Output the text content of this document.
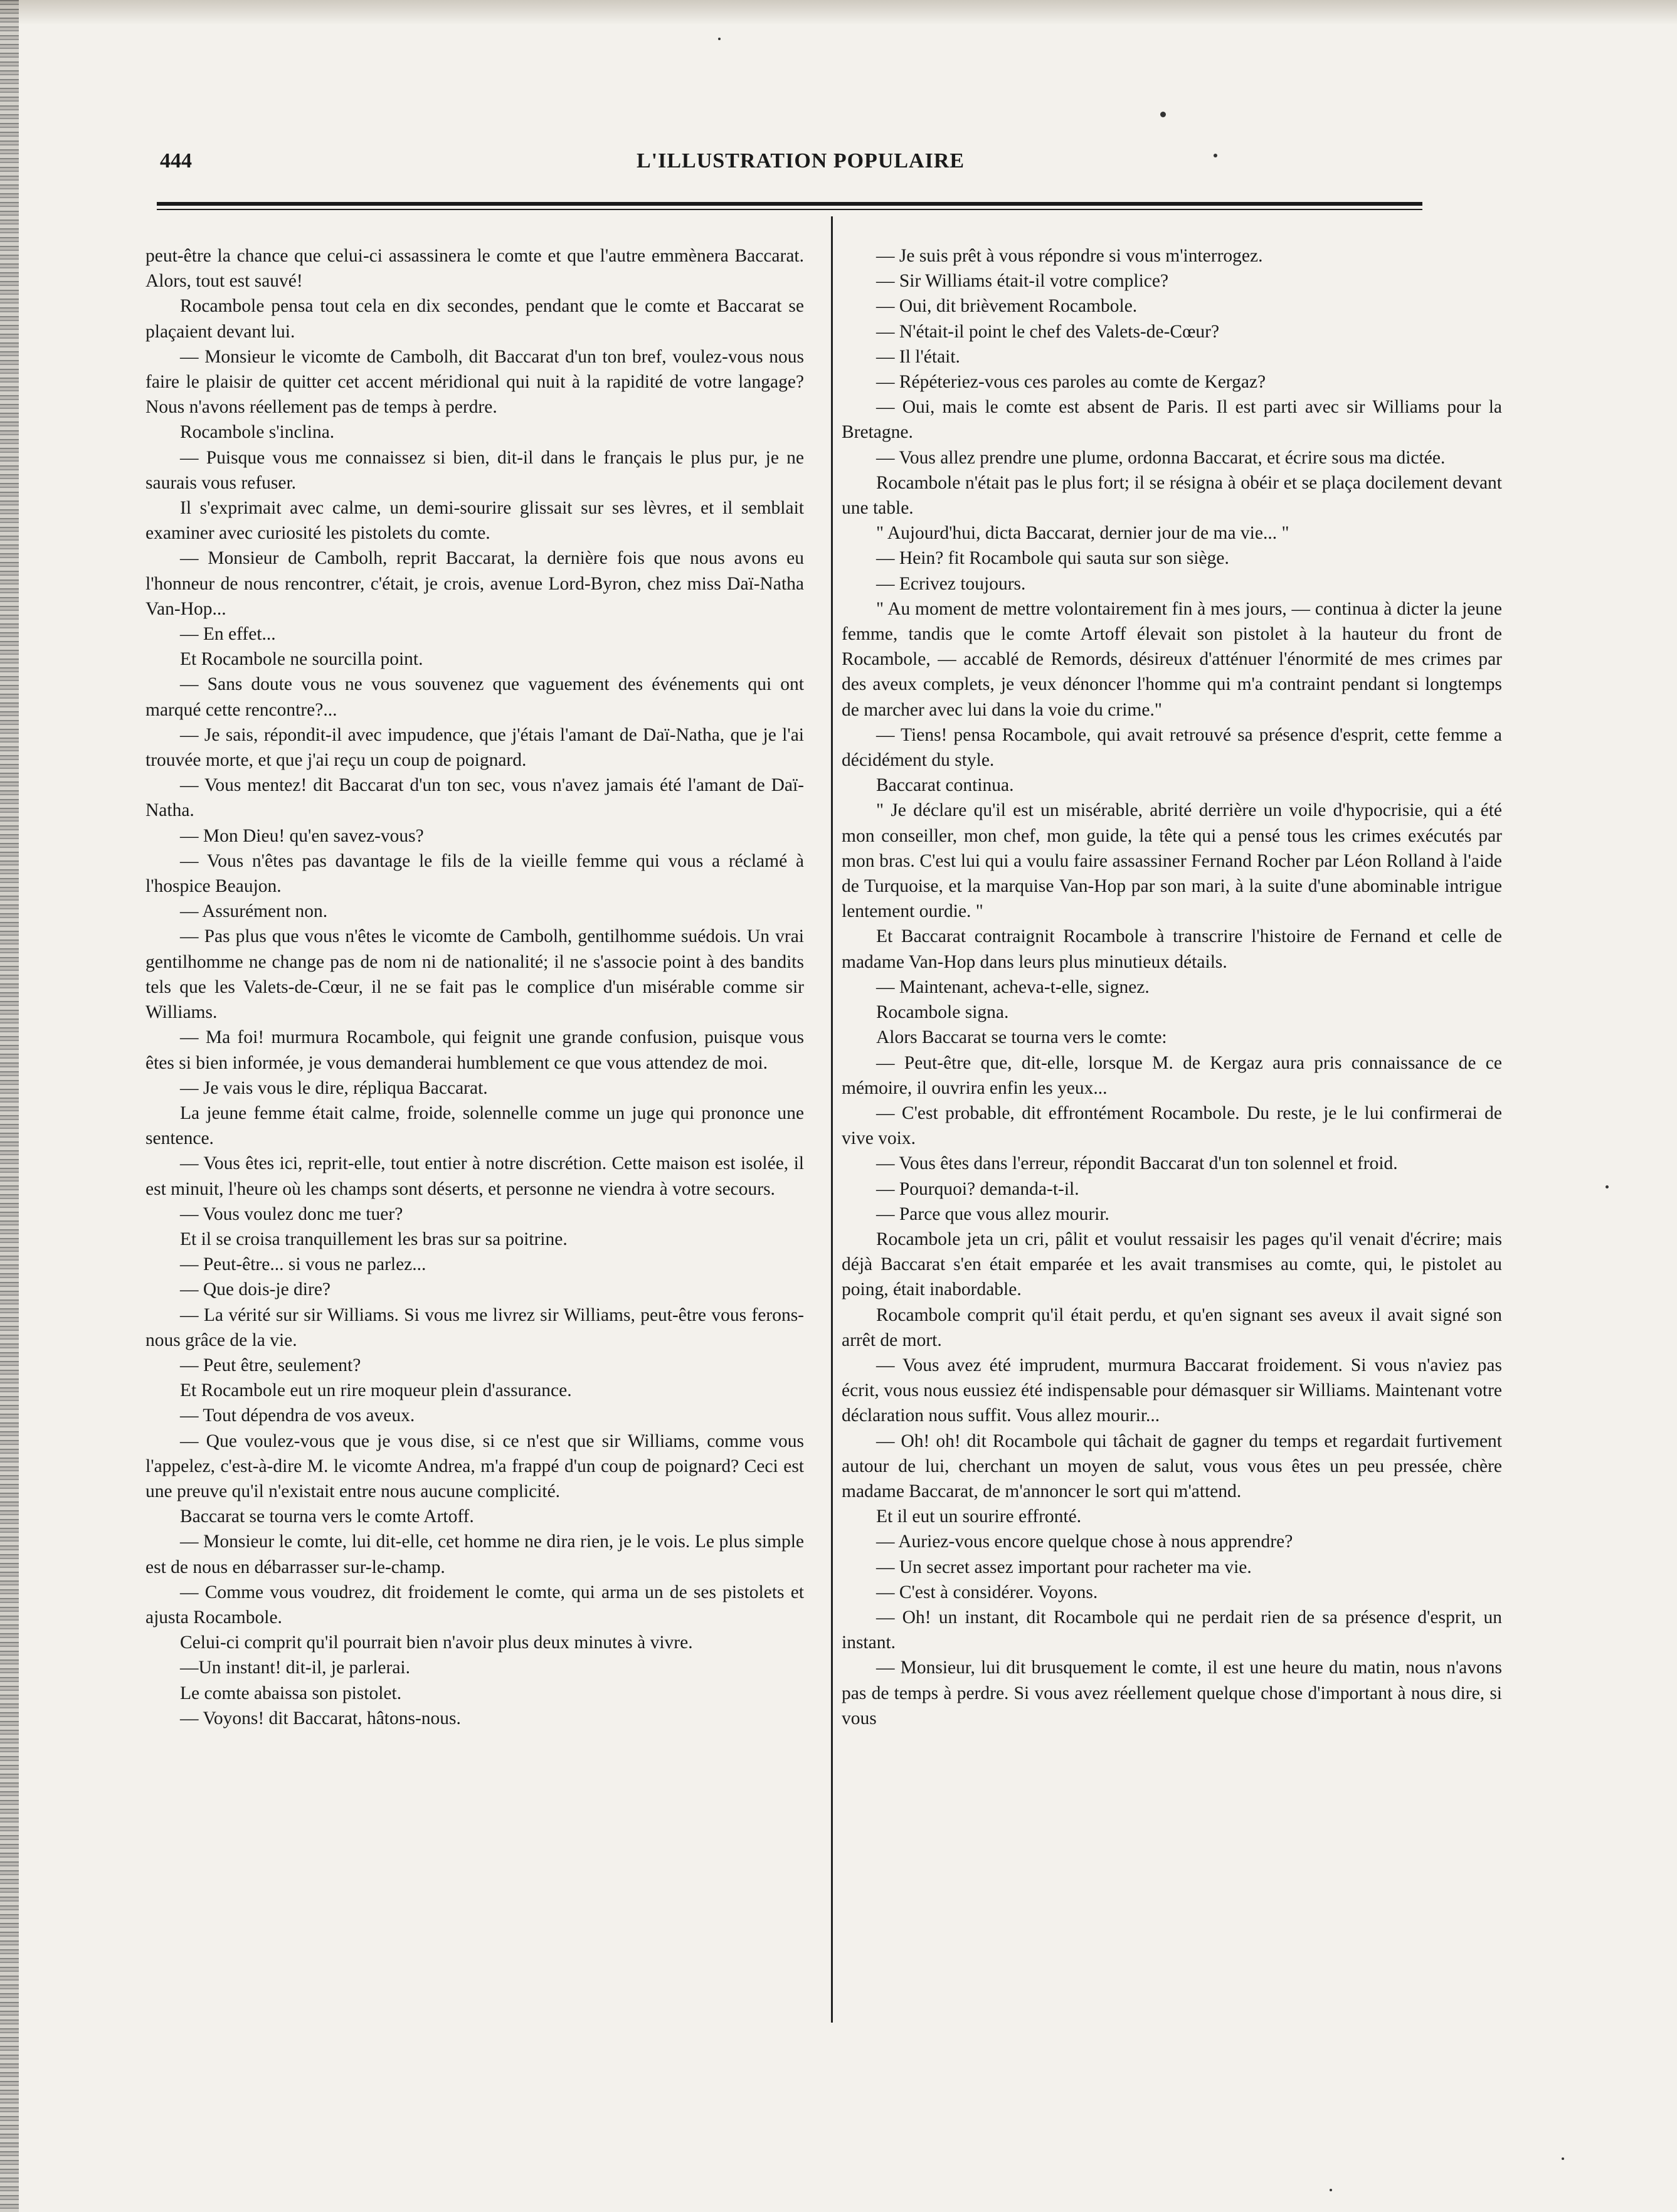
444	L'ILLUSTRATION POPULAIRE

peut-être la chance que celui-ci assassinera le comte et que l'autre emmènera Baccarat. Alors, tout est sauvé!

Rocambole pensa tout cela en dix secondes, pendant que le comte et Baccarat se plaçaient devant lui.

— Monsieur le vicomte de Cambolh, dit Baccarat d'un ton bref, voulez-vous nous faire le plaisir de quitter cet accent méridional qui nuit à la rapidité de votre langage? Nous n'avons réellement pas de temps à perdre.

Rocambole s'inclina.

— Puisque vous me connaissez si bien, dit-il dans le français le plus pur, je ne saurais vous refuser.

Il s'exprimait avec calme, un demi-sourire glissait sur ses lèvres, et il semblait examiner avec curiosité les pistolets du comte.

— Monsieur de Cambolh, reprit Baccarat, la dernière fois que nous avons eu l'honneur de nous rencontrer, c'était, je crois, avenue Lord-Byron, chez miss Daï-Natha Van-Hop...

— En effet...

Et Rocambole ne sourcilla point.

— Sans doute vous ne vous souvenez que vaguement des événements qui ont marqué cette rencontre?...

— Je sais, répondit-il avec impudence, que j'étais l'amant de Daï-Natha, que je l'ai trouvée morte, et que j'ai reçu un coup de poignard.

— Vous mentez! dit Baccarat d'un ton sec, vous n'avez jamais été l'amant de Daï-Natha.

— Mon Dieu! qu'en savez-vous?

— Vous n'êtes pas davantage le fils de la vieille femme qui vous a réclamé à l'hospice Beaujon.

— Assurément non.

— Pas plus que vous n'êtes le vicomte de Cambolh, gentilhomme suédois. Un vrai gentilhomme ne change pas de nom ni de nationalité; il ne s'associe point à des bandits tels que les Valets-de-Cœur, il ne se fait pas le complice d'un misérable comme sir Williams.

— Ma foi! murmura Rocambole, qui feignit une grande confusion, puisque vous êtes si bien informée, je vous demanderai humblement ce que vous attendez de moi.

— Je vais vous le dire, répliqua Baccarat.

La jeune femme était calme, froide, solennelle comme un juge qui prononce une sentence.

— Vous êtes ici, reprit-elle, tout entier à notre discrétion. Cette maison est isolée, il est minuit, l'heure où les champs sont déserts, et personne ne viendra à votre secours.

— Vous voulez donc me tuer?

Et il se croisa tranquillement les bras sur sa poitrine.

— Peut-être... si vous ne parlez...

— Que dois-je dire?

— La vérité sur sir Williams. Si vous me livrez sir Williams, peut-être vous ferons-nous grâce de la vie.

— Peut être, seulement?

Et Rocambole eut un rire moqueur plein d'assurance.

— Tout dépendra de vos aveux.

— Que voulez-vous que je vous dise, si ce n'est que sir Williams, comme vous l'appelez, c'est-à-dire M. le vicomte Andrea, m'a frappé d'un coup de poignard? Ceci est une preuve qu'il n'existait entre nous aucune complicité.

Baccarat se tourna vers le comte Artoff.

— Monsieur le comte, lui dit-elle, cet homme ne dira rien, je le vois. Le plus simple est de nous en débarrasser sur-le-champ.

— Comme vous voudrez, dit froidement le comte, qui arma un de ses pistolets et ajusta Rocambole.

Celui-ci comprit qu'il pourrait bien n'avoir plus deux minutes à vivre.

—Un instant! dit-il, je parlerai.

Le comte abaissa son pistolet.

— Voyons! dit Baccarat, hâtons-nous.

— Je suis prêt à vous répondre si vous m'interrogez.

— Sir Williams était-il votre complice?

— Oui, dit brièvement Rocambole.

— N'était-il point le chef des Valets-de-Cœur?

— Il l'était.

— Répéteriez-vous ces paroles au comte de Kergaz?

— Oui, mais le comte est absent de Paris. Il est parti avec sir Williams pour la Bretagne.

— Vous allez prendre une plume, ordonna Baccarat, et écrire sous ma dictée.

Rocambole n'était pas le plus fort; il se résigna à obéir et se plaça docilement devant une table.

" Aujourd'hui, dicta Baccarat, dernier jour de ma vie... "

— Hein? fit Rocambole qui sauta sur son siège.

— Ecrivez toujours.

" Au moment de mettre volontairement fin à mes jours, — continua à dicter la jeune femme, tandis que le comte Artoff élevait son pistolet à la hauteur du front de Rocambole, — accablé de Remords, désireux d'atténuer l'énormité de mes crimes par des aveux complets, je veux dénoncer l'homme qui m'a contraint pendant si longtemps de marcher avec lui dans la voie du crime."

— Tiens! pensa Rocambole, qui avait retrouvé sa présence d'esprit, cette femme a décidément du style.

Baccarat continua.

" Je déclare qu'il est un misérable, abrité derrière un voile d'hypocrisie, qui a été mon conseiller, mon chef, mon guide, la tête qui a pensé tous les crimes exécutés par mon bras. C'est lui qui a voulu faire assassiner Fernand Rocher par Léon Rolland à l'aide de Turquoise, et la marquise Van-Hop par son mari, à la suite d'une abominable intrigue lentement ourdie. "

Et Baccarat contraignit Rocambole à transcrire l'histoire de Fernand et celle de madame Van-Hop dans leurs plus minutieux détails.

— Maintenant, acheva-t-elle, signez.

Rocambole signa.

Alors Baccarat se tourna vers le comte:

— Peut-être que, dit-elle, lorsque M. de Kergaz aura pris connaissance de ce mémoire, il ouvrira enfin les yeux...

— C'est probable, dit effrontément Rocambole. Du reste, je le lui confirmerai de vive voix.

— Vous êtes dans l'erreur, répondit Baccarat d'un ton solennel et froid.

— Pourquoi? demanda-t-il.

— Parce que vous allez mourir.

Rocambole jeta un cri, pâlit et voulut ressaisir les pages qu'il venait d'écrire; mais déjà Baccarat s'en était emparée et les avait transmises au comte, qui, le pistolet au poing, était inabordable.

Rocambole comprit qu'il était perdu, et qu'en signant ses aveux il avait signé son arrêt de mort.

— Vous avez été imprudent, murmura Baccarat froidement. Si vous n'aviez pas écrit, vous nous eussiez été indispensable pour démasquer sir Williams. Maintenant votre déclaration nous suffit. Vous allez mourir...

— Oh! oh! dit Rocambole qui tâchait de gagner du temps et regardait furtivement autour de lui, cherchant un moyen de salut, vous vous êtes un peu pressée, chère madame Baccarat, de m'annoncer le sort qui m'attend.

Et il eut un sourire effronté.

— Auriez-vous encore quelque chose à nous apprendre?

— Un secret assez important pour racheter ma vie.

— C'est à considérer. Voyons.

— Oh! un instant, dit Rocambole qui ne perdait rien de sa présence d'esprit, un instant.

— Monsieur, lui dit brusquement le comte, il est une heure du matin, nous n'avons pas de temps à perdre. Si vous avez réellement quelque chose d'important à nous dire, si vous
